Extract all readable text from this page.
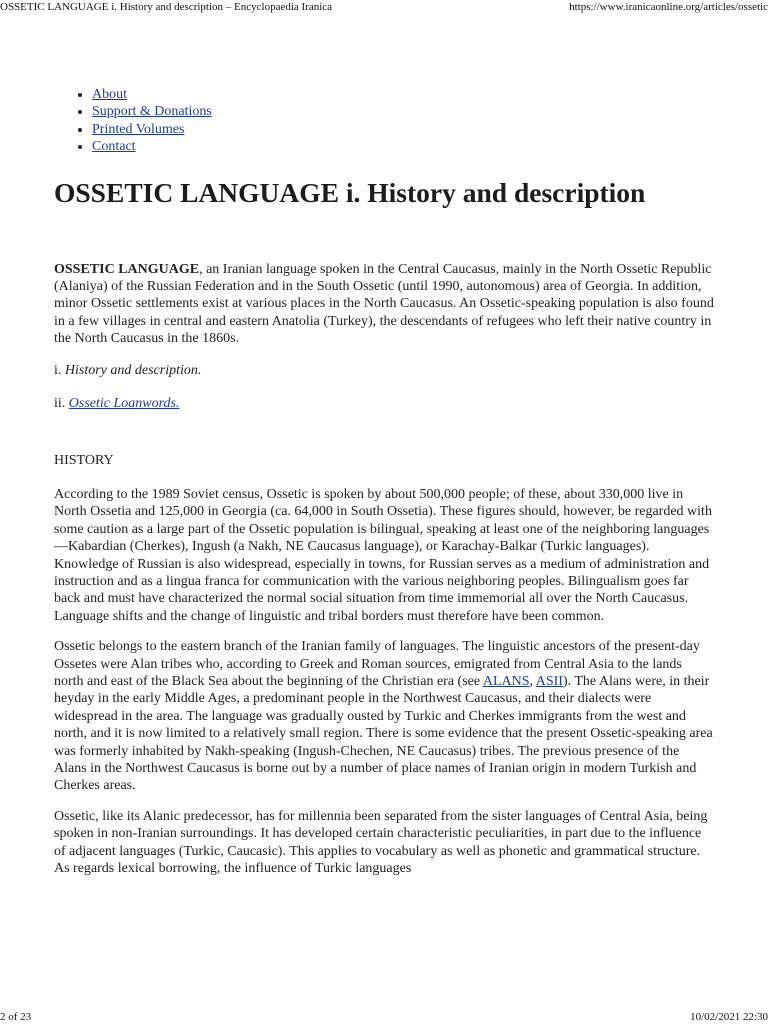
OSSETIC LANGUAGE i. History and description – Encyclopaedia Iranica	https://www.iranicaonline.org/articles/ossetic
• About
• Support & Donations
• Printed Volumes
• Contact
OSSETIC LANGUAGE i. History and description

OSSETIC LANGUAGE, an Iranian language spoken in the Central Caucasus, mainly in the North Ossetic Republic (Alaniya) of the Russian Federation and in the South Ossetic (until 1990, autonomous) area of Georgia. In addition, minor Ossetic settlements exist at various places in the North Caucasus. An Ossetic-speaking population is also found in a few villages in central and eastern Anatolia (Turkey), the descendants of refugees who left their native country in the North Caucasus in the 1860s.

i. History and description.

ii. Ossetic Loanwords.

HISTORY

According to the 1989 Soviet census, Ossetic is spoken by about 500,000 people; of these, about 330,000 live in North Ossetia and 125,000 in Georgia (ca. 64,000 in South Ossetia). These figures should, however, be regarded with some caution as a large part of the Ossetic population is bilingual, speaking at least one of the neighboring languages—Kabardian (Cherkes), Ingush (a Nakh, NE Caucasus language), or Karachay-Balkar (Turkic languages). Knowledge of Russian is also widespread, especially in towns, for Russian serves as a medium of administration and instruction and as a lingua franca for communication with the various neighboring peoples. Bilingualism goes far back and must have characterized the normal social situation from time immemorial all over the North Caucasus. Language shifts and the change of linguistic and tribal borders must therefore have been common.

Ossetic belongs to the eastern branch of the Iranian family of languages. The linguistic ancestors of the present-day Ossetes were Alan tribes who, according to Greek and Roman sources, emigrated from Central Asia to the lands north and east of the Black Sea about the beginning of the Christian era (see ALANS, ASII). The Alans were, in their heyday in the early Middle Ages, a predominant people in the Northwest Caucasus, and their dialects were widespread in the area. The language was gradually ousted by Turkic and Cherkes immigrants from the west and north, and it is now limited to a relatively small region. There is some evidence that the present Ossetic-speaking area was formerly inhabited by Nakh-speaking (Ingush-Chechen, NE Caucasus) tribes. The previous presence of the Alans in the Northwest Caucasus is borne out by a number of place names of Iranian origin in modern Turkish and Cherkes areas.

Ossetic, like its Alanic predecessor, has for millennia been separated from the sister languages of Central Asia, being spoken in non-Iranian surroundings. It has developed certain characteristic peculiarities, in part due to the influence of adjacent languages (Turkic, Caucasic). This applies to vocabulary as well as phonetic and grammatical structure. As regards lexical borrowing, the influence of Turkic languages

2 of 23	10/02/2021 22:30
